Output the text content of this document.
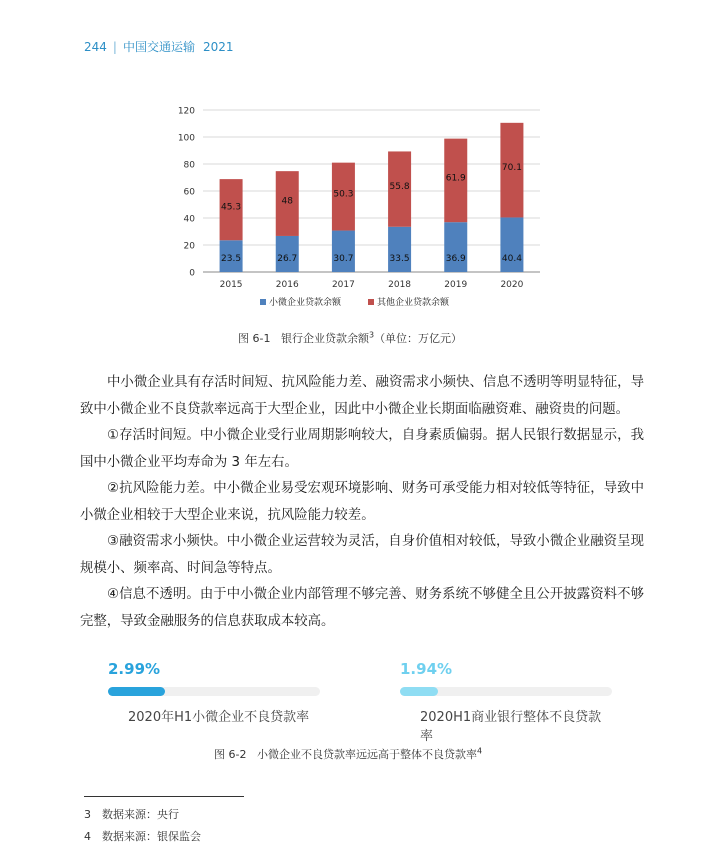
244 | 中国交通运输 2021
0
20
40
60
80
100
120
23.5
45.3
2015
26.7
48
2016
30.7
50.3
2017
33.5
55.8
2018
36.9
61.9
2019
40.4
70.1
2020
小微企业贷款余额	其他企业贷款余额
图 6-1 银行企业贷款余额$^3$（单位：万亿元）

中小微企业具有存活时间短、抗风险能力差、融资需求小频快、信息不透明等明显特征，导致中小微企业不良贷款率远高于大型企业，因此中小微企业长期面临融资难、融资贵的问题。

①存活时间短。中小微企业受行业周期影响较大，自身素质偏弱。据人民银行数据显示，我国中小微企业平均寿命为 3 年左右。

②抗风险能力差。中小微企业易受宏观环境影响、财务可承受能力相对较低等特征，导致中小微企业相较于大型企业来说，抗风险能力较差。

③融资需求小频快。中小微企业运营较为灵活，自身价值相对较低，导致小微企业融资呈现规模小、频率高、时间急等特点。

④信息不透明。由于中小微企业内部管理不够完善、财务系统不够健全且公开披露资料不够完整，导致金融服务的信息获取成本较高。

2.99%
2020年H1小微企业不良贷款率
1.94%
2020H1商业银行整体不良贷款率
图 6-2 小微企业不良贷款率远远高于整体不良贷款率$^4$
3 数据来源：央行
4 数据来源：银保监会
